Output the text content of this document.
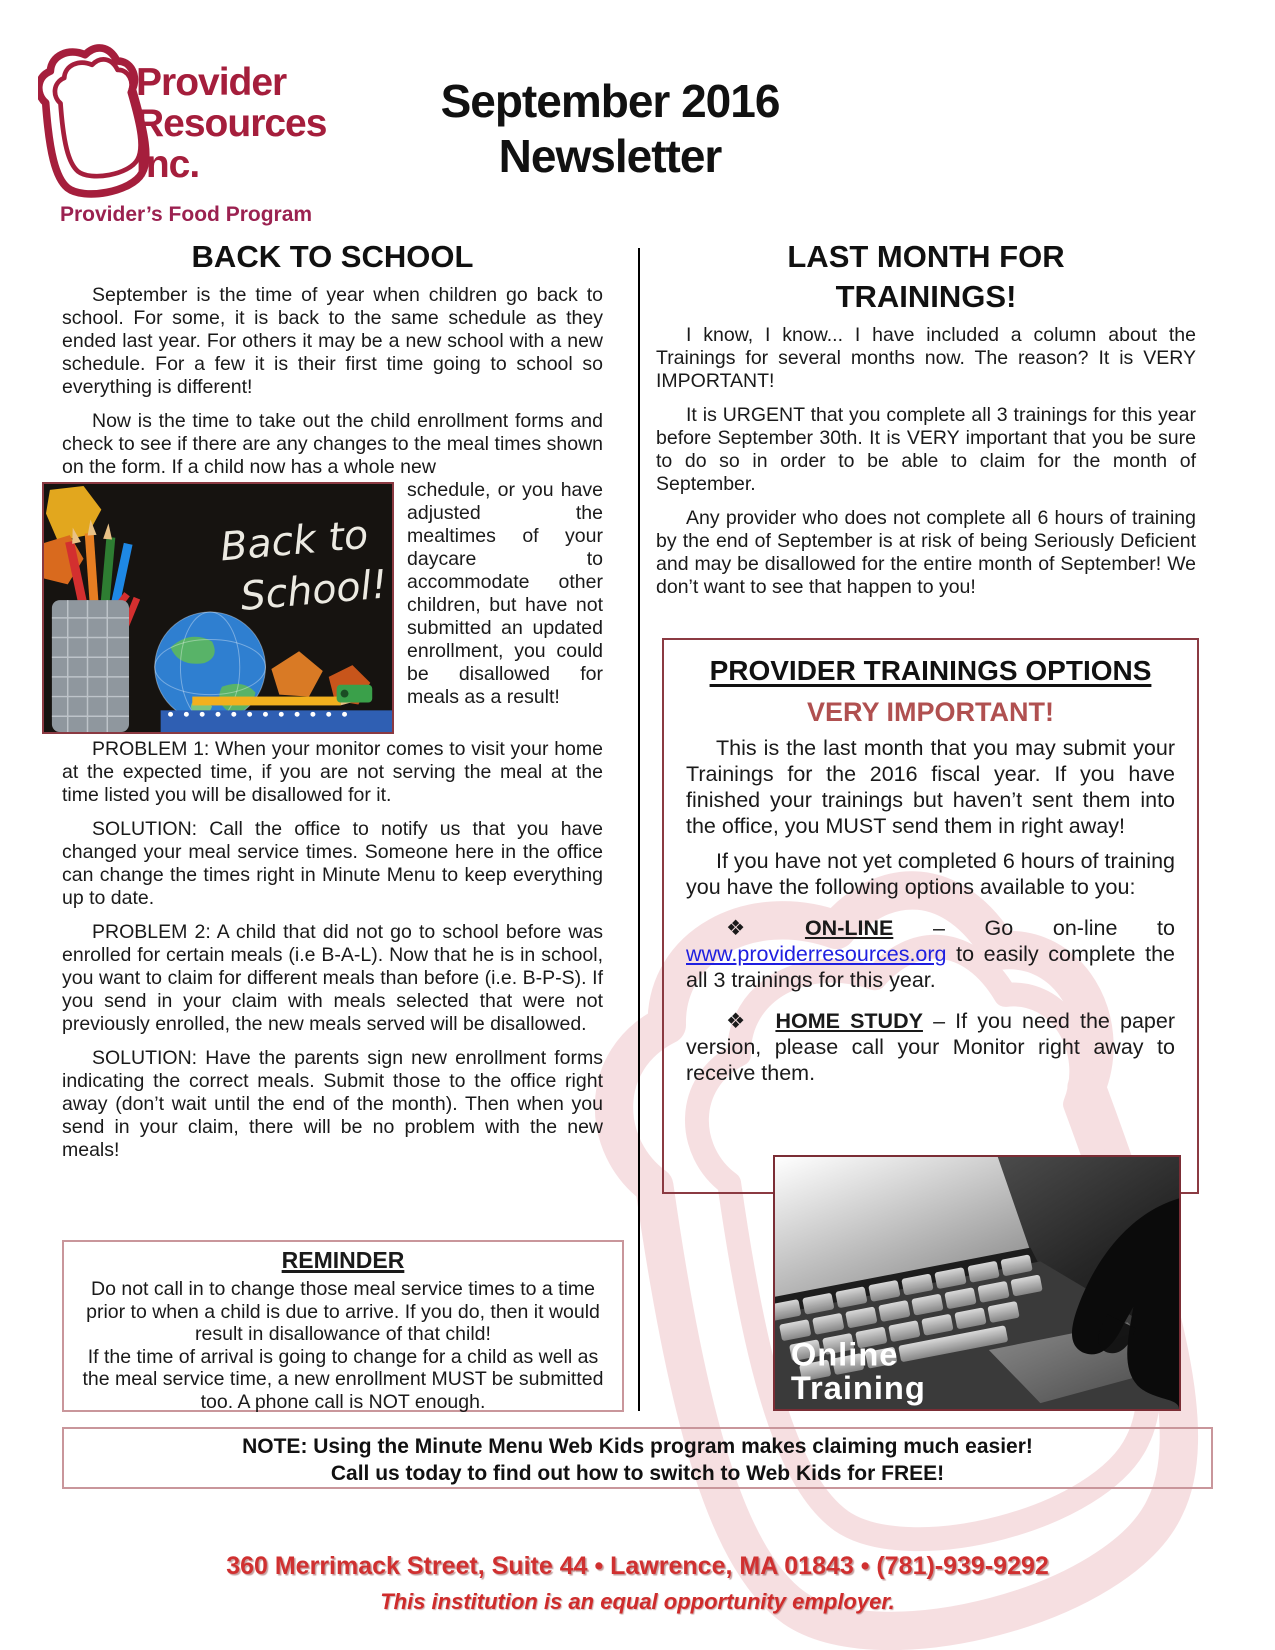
Provider
Resources
Inc.
Provider’s Food Program
September 2016
Newsletter
BACK TO SCHOOL

September is the time of year when children go back to school. For some, it is back to the same schedule as they ended last year. For others it may be a new school with a new schedule. For a few it is their first time going to school so everything is different!

Now is the time to take out the child enrollment forms and check to see if there are any changes to the meal times shown on the form. If a child now has a whole new

Back to
School!

schedule, or you have adjusted the mealtimes of your daycare to accommodate other children, but have not submitted an updated enrollment, you could be disallowed for meals as a result!

PROBLEM 1: When your monitor comes to visit your home at the expected time, if you are not serving the meal at the time listed you will be disallowed for it.

SOLUTION: Call the office to notify us that you have changed your meal service times. Someone here in the office can change the times right in Minute Menu to keep everything up to date.

PROBLEM 2: A child that did not go to school before was enrolled for certain meals (i.e B-A-L). Now that he is in school, you want to claim for different meals than before (i.e. B-P-S). If you send in your claim with meals selected that were not previously enrolled, the new meals served will be disallowed.

SOLUTION: Have the parents sign new enrollment forms indicating the correct meals. Submit those to the office right away (don’t wait until the end of the month). Then when you send in your claim, there will be no problem with the new meals!

REMINDER
Do not call in to change those meal service times to a time prior to when a child is due to arrive. If you do, then it would result in disallowance of that child!
If the time of arrival is going to change for a child as well as the meal service time, a new enrollment MUST be submitted too. A phone call is NOT enough.
LAST MONTH FOR
TRAININGS!

I know, I know... I have included a column about the Trainings for several months now. The reason? It is VERY IMPORTANT!

It is URGENT that you complete all 3 trainings for this year before September 30th. It is VERY important that you be sure to do so in order to be able to claim for the month of September.

Any provider who does not complete all 6 hours of training by the end of September is at risk of being Seriously Deficient and may be disallowed for the entire month of September! We don’t want to see that happen to you!

PROVIDER TRAININGS OPTIONS
VERY IMPORTANT!

This is the last month that you may submit your Trainings for the 2016 fiscal year. If you have finished your trainings but haven’t sent them into the office, you MUST send them in right away!

If you have not yet completed 6 hours of training you have the following options available to you:

❖ ON-LINE – Go on-line to www.providerresources.org to easily complete the all 3 trainings for this year.

❖ HOME STUDY – If you need the paper version, please call your Monitor right away to receive them.

Online
Training
NOTE: Using the Minute Menu Web Kids program makes claiming much easier!
Call us today to find out how to switch to Web Kids for FREE!
360 Merrimack Street, Suite 44 • Lawrence, MA 01843 • (781)-939-9292
This institution is an equal opportunity employer.
